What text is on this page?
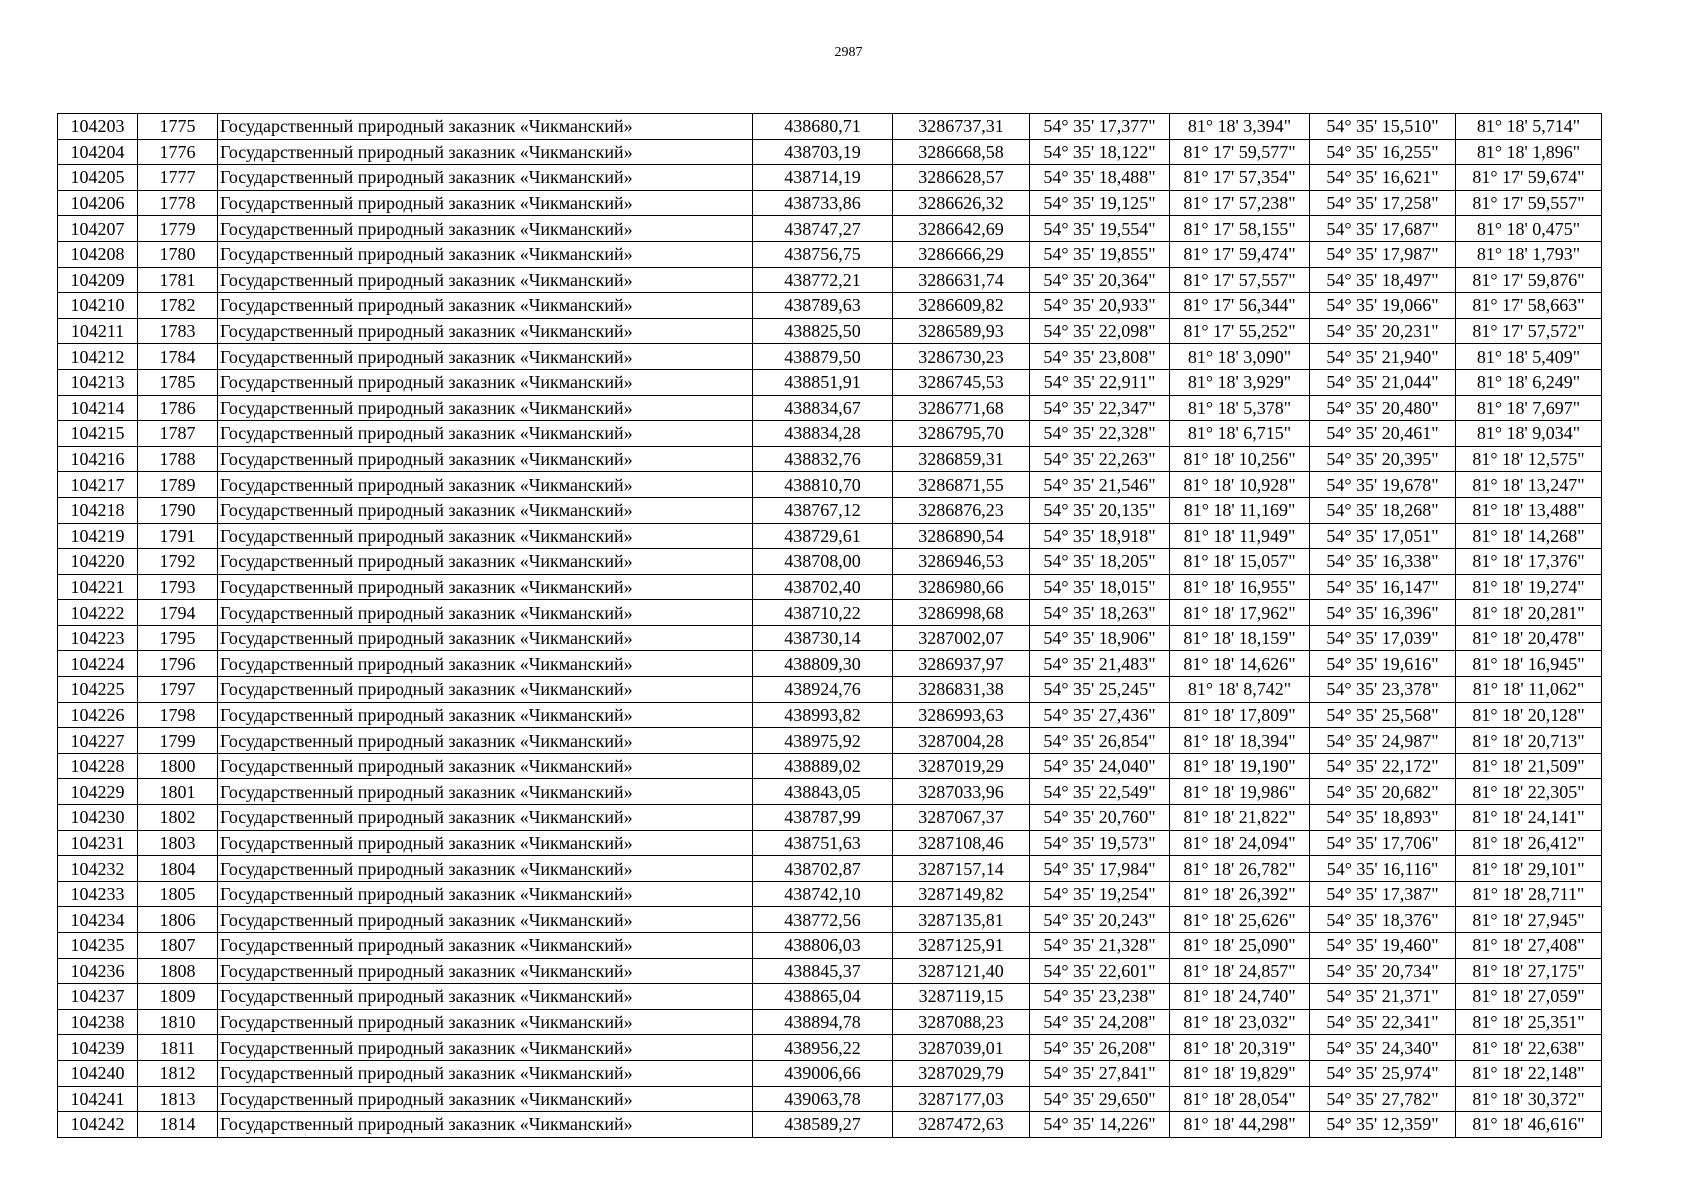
2987
104203	1775	Государственный природный заказник «Чикманский»	438680,71	3286737,31	54° 35' 17,377"	81° 18' 3,394"	54° 35' 15,510"	81° 18' 5,714"
104204	1776	Государственный природный заказник «Чикманский»	438703,19	3286668,58	54° 35' 18,122"	81° 17' 59,577"	54° 35' 16,255"	81° 18' 1,896"
104205	1777	Государственный природный заказник «Чикманский»	438714,19	3286628,57	54° 35' 18,488"	81° 17' 57,354"	54° 35' 16,621"	81° 17' 59,674"
104206	1778	Государственный природный заказник «Чикманский»	438733,86	3286626,32	54° 35' 19,125"	81° 17' 57,238"	54° 35' 17,258"	81° 17' 59,557"
104207	1779	Государственный природный заказник «Чикманский»	438747,27	3286642,69	54° 35' 19,554"	81° 17' 58,155"	54° 35' 17,687"	81° 18' 0,475"
104208	1780	Государственный природный заказник «Чикманский»	438756,75	3286666,29	54° 35' 19,855"	81° 17' 59,474"	54° 35' 17,987"	81° 18' 1,793"
104209	1781	Государственный природный заказник «Чикманский»	438772,21	3286631,74	54° 35' 20,364"	81° 17' 57,557"	54° 35' 18,497"	81° 17' 59,876"
104210	1782	Государственный природный заказник «Чикманский»	438789,63	3286609,82	54° 35' 20,933"	81° 17' 56,344"	54° 35' 19,066"	81° 17' 58,663"
104211	1783	Государственный природный заказник «Чикманский»	438825,50	3286589,93	54° 35' 22,098"	81° 17' 55,252"	54° 35' 20,231"	81° 17' 57,572"
104212	1784	Государственный природный заказник «Чикманский»	438879,50	3286730,23	54° 35' 23,808"	81° 18' 3,090"	54° 35' 21,940"	81° 18' 5,409"
104213	1785	Государственный природный заказник «Чикманский»	438851,91	3286745,53	54° 35' 22,911"	81° 18' 3,929"	54° 35' 21,044"	81° 18' 6,249"
104214	1786	Государственный природный заказник «Чикманский»	438834,67	3286771,68	54° 35' 22,347"	81° 18' 5,378"	54° 35' 20,480"	81° 18' 7,697"
104215	1787	Государственный природный заказник «Чикманский»	438834,28	3286795,70	54° 35' 22,328"	81° 18' 6,715"	54° 35' 20,461"	81° 18' 9,034"
104216	1788	Государственный природный заказник «Чикманский»	438832,76	3286859,31	54° 35' 22,263"	81° 18' 10,256"	54° 35' 20,395"	81° 18' 12,575"
104217	1789	Государственный природный заказник «Чикманский»	438810,70	3286871,55	54° 35' 21,546"	81° 18' 10,928"	54° 35' 19,678"	81° 18' 13,247"
104218	1790	Государственный природный заказник «Чикманский»	438767,12	3286876,23	54° 35' 20,135"	81° 18' 11,169"	54° 35' 18,268"	81° 18' 13,488"
104219	1791	Государственный природный заказник «Чикманский»	438729,61	3286890,54	54° 35' 18,918"	81° 18' 11,949"	54° 35' 17,051"	81° 18' 14,268"
104220	1792	Государственный природный заказник «Чикманский»	438708,00	3286946,53	54° 35' 18,205"	81° 18' 15,057"	54° 35' 16,338"	81° 18' 17,376"
104221	1793	Государственный природный заказник «Чикманский»	438702,40	3286980,66	54° 35' 18,015"	81° 18' 16,955"	54° 35' 16,147"	81° 18' 19,274"
104222	1794	Государственный природный заказник «Чикманский»	438710,22	3286998,68	54° 35' 18,263"	81° 18' 17,962"	54° 35' 16,396"	81° 18' 20,281"
104223	1795	Государственный природный заказник «Чикманский»	438730,14	3287002,07	54° 35' 18,906"	81° 18' 18,159"	54° 35' 17,039"	81° 18' 20,478"
104224	1796	Государственный природный заказник «Чикманский»	438809,30	3286937,97	54° 35' 21,483"	81° 18' 14,626"	54° 35' 19,616"	81° 18' 16,945"
104225	1797	Государственный природный заказник «Чикманский»	438924,76	3286831,38	54° 35' 25,245"	81° 18' 8,742"	54° 35' 23,378"	81° 18' 11,062"
104226	1798	Государственный природный заказник «Чикманский»	438993,82	3286993,63	54° 35' 27,436"	81° 18' 17,809"	54° 35' 25,568"	81° 18' 20,128"
104227	1799	Государственный природный заказник «Чикманский»	438975,92	3287004,28	54° 35' 26,854"	81° 18' 18,394"	54° 35' 24,987"	81° 18' 20,713"
104228	1800	Государственный природный заказник «Чикманский»	438889,02	3287019,29	54° 35' 24,040"	81° 18' 19,190"	54° 35' 22,172"	81° 18' 21,509"
104229	1801	Государственный природный заказник «Чикманский»	438843,05	3287033,96	54° 35' 22,549"	81° 18' 19,986"	54° 35' 20,682"	81° 18' 22,305"
104230	1802	Государственный природный заказник «Чикманский»	438787,99	3287067,37	54° 35' 20,760"	81° 18' 21,822"	54° 35' 18,893"	81° 18' 24,141"
104231	1803	Государственный природный заказник «Чикманский»	438751,63	3287108,46	54° 35' 19,573"	81° 18' 24,094"	54° 35' 17,706"	81° 18' 26,412"
104232	1804	Государственный природный заказник «Чикманский»	438702,87	3287157,14	54° 35' 17,984"	81° 18' 26,782"	54° 35' 16,116"	81° 18' 29,101"
104233	1805	Государственный природный заказник «Чикманский»	438742,10	3287149,82	54° 35' 19,254"	81° 18' 26,392"	54° 35' 17,387"	81° 18' 28,711"
104234	1806	Государственный природный заказник «Чикманский»	438772,56	3287135,81	54° 35' 20,243"	81° 18' 25,626"	54° 35' 18,376"	81° 18' 27,945"
104235	1807	Государственный природный заказник «Чикманский»	438806,03	3287125,91	54° 35' 21,328"	81° 18' 25,090"	54° 35' 19,460"	81° 18' 27,408"
104236	1808	Государственный природный заказник «Чикманский»	438845,37	3287121,40	54° 35' 22,601"	81° 18' 24,857"	54° 35' 20,734"	81° 18' 27,175"
104237	1809	Государственный природный заказник «Чикманский»	438865,04	3287119,15	54° 35' 23,238"	81° 18' 24,740"	54° 35' 21,371"	81° 18' 27,059"
104238	1810	Государственный природный заказник «Чикманский»	438894,78	3287088,23	54° 35' 24,208"	81° 18' 23,032"	54° 35' 22,341"	81° 18' 25,351"
104239	1811	Государственный природный заказник «Чикманский»	438956,22	3287039,01	54° 35' 26,208"	81° 18' 20,319"	54° 35' 24,340"	81° 18' 22,638"
104240	1812	Государственный природный заказник «Чикманский»	439006,66	3287029,79	54° 35' 27,841"	81° 18' 19,829"	54° 35' 25,974"	81° 18' 22,148"
104241	1813	Государственный природный заказник «Чикманский»	439063,78	3287177,03	54° 35' 29,650"	81° 18' 28,054"	54° 35' 27,782"	81° 18' 30,372"
104242	1814	Государственный природный заказник «Чикманский»	438589,27	3287472,63	54° 35' 14,226"	81° 18' 44,298"	54° 35' 12,359"	81° 18' 46,616"
